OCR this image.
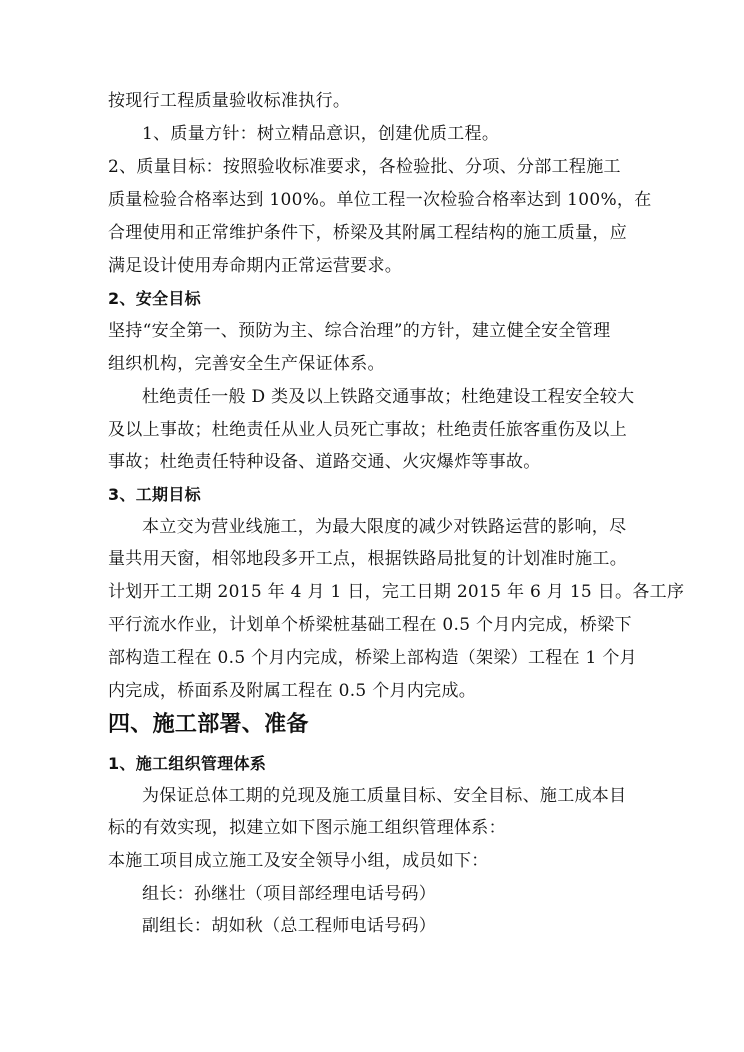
按现行工程质量验收标准执行。
1、质量方针：树立精品意识，创建优质工程。
2、质量目标：按照验收标准要求，各检验批、分项、分部工程施工
质量检验合格率达到 100%。单位工程一次检验合格率达到 100%，在
合理使用和正常维护条件下，桥梁及其附属工程结构的施工质量，应
满足设计使用寿命期内正常运营要求。
2、安全目标
坚持“安全第一、预防为主、综合治理”的方针，建立健全安全管理
组织机构，完善安全生产保证体系。
杜绝责任一般 D 类及以上铁路交通事故；杜绝建设工程安全较大
及以上事故；杜绝责任从业人员死亡事故；杜绝责任旅客重伤及以上
事故；杜绝责任特种设备、道路交通、火灾爆炸等事故。
3、工期目标
本立交为营业线施工，为最大限度的减少对铁路运营的影响，尽
量共用天窗，相邻地段多开工点，根据铁路局批复的计划准时施工。
计划开工工期 2015 年 4 月 1 日，完工日期 2015 年 6 月 15 日。各工序
平行流水作业，计划单个桥梁桩基础工程在 0.5 个月内完成，桥梁下
部构造工程在 0.5 个月内完成，桥梁上部构造（架梁）工程在 1 个月
内完成，桥面系及附属工程在 0.5 个月内完成。
四、施工部署、准备
1、施工组织管理体系
为保证总体工期的兑现及施工质量目标、安全目标、施工成本目
标的有效实现，拟建立如下图示施工组织管理体系：
本施工项目成立施工及安全领导小组，成员如下：
组长：孙继壮（项目部经理电话号码）
副组长：胡如秋（总工程师电话号码）
